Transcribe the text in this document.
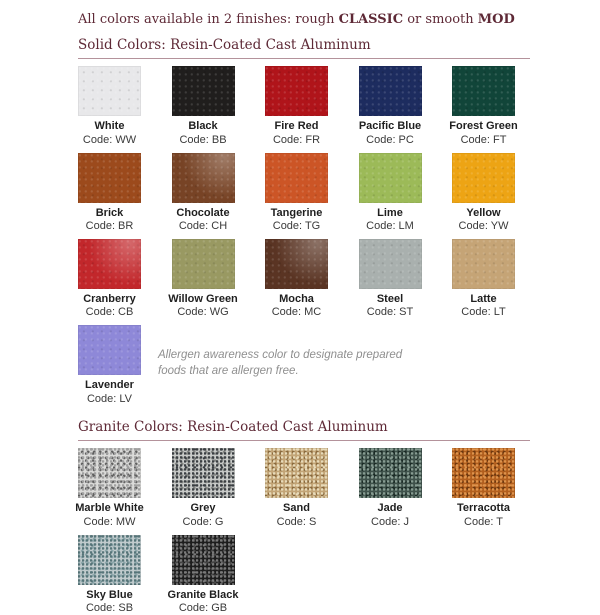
All colors available in 2 finishes: rough CLASSIC or smooth MOD

Solid Colors: Resin-Coated Cast Aluminum
White
Code: WW
Black
Code: BB
Fire Red
Code: FR
Pacific Blue
Code: PC
Forest Green
Code: FT
Brick
Code: BR
Chocolate
Code: CH
Tangerine
Code: TG
Lime
Code: LM
Yellow
Code: YW
Cranberry
Code: CB
Willow Green
Code: WG
Mocha
Code: MC
Steel
Code: ST
Latte
Code: LT
Lavender
Code: LV

Allergen awareness color to designate prepared foods that are allergen free.

Granite Colors: Resin-Coated Cast Aluminum
Marble White
Code: MW
Grey
Code: G
Sand
Code: S
Jade
Code: J
Terracotta
Code: T
Sky Blue
Code: SB
Granite Black
Code: GB
